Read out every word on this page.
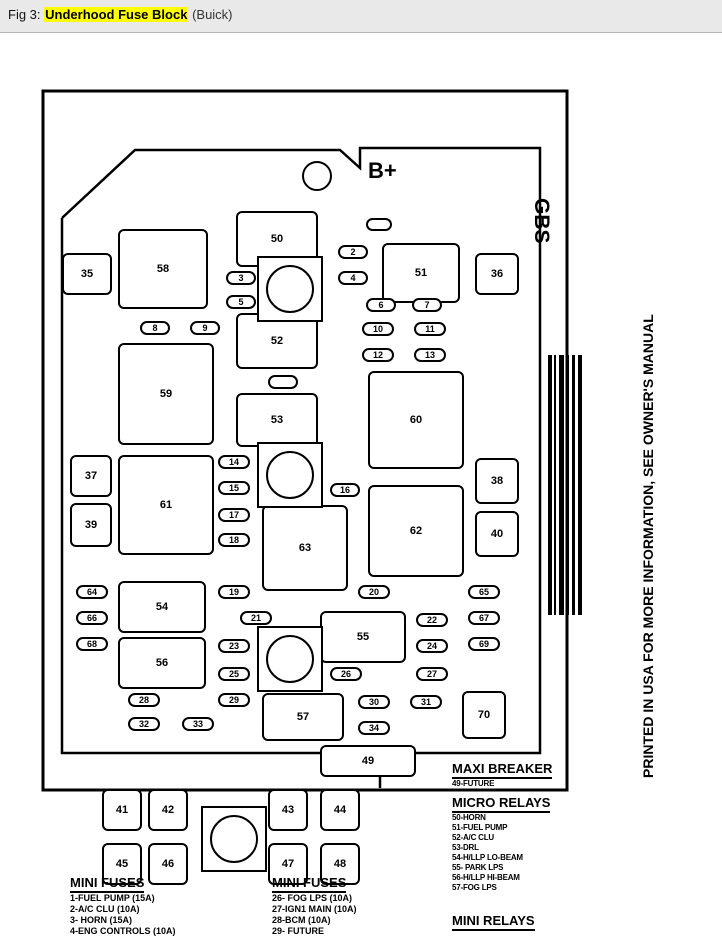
Fig 3: Underhood Fuse Block (Buick)
B+
GBS
PRINTED IN USA FOR MORE INFORMATION, SEE OWNER'S MANUAL
35	58
50
51	36
52
59
53	60
37
61
38
39	62	40
63
54
55
56
57	70
49
41	42	43	44
45	46	47	48
2
3	4
5	6	7
8	9	10	11
12	13
14
15	16
17
18
19	20
64	65
21	22
66	67
23	24
68	69
25	26	27
28	29	30	31
32	33	34
MAXI BREAKER
49-FUTURE
MICRO RELAYS
50-HORN
51-FUEL PUMP
52-A/C CLU
53-DRL
54-H/LLP LO-BEAM
55- PARK LPS
56-H/LLP HI-BEAM
57-FOG LPS
MINI RELAYS
MINI FUSES
1-FUEL PUMP (15A)
2-A/C CLU (10A)
3- HORN (15A)
4-ENG CONTROLS (10A)
MINI FUSES
26- FOG LPS (10A)
27-IGN1 MAIN (10A)
28-BCM (10A)
29- FUTURE
